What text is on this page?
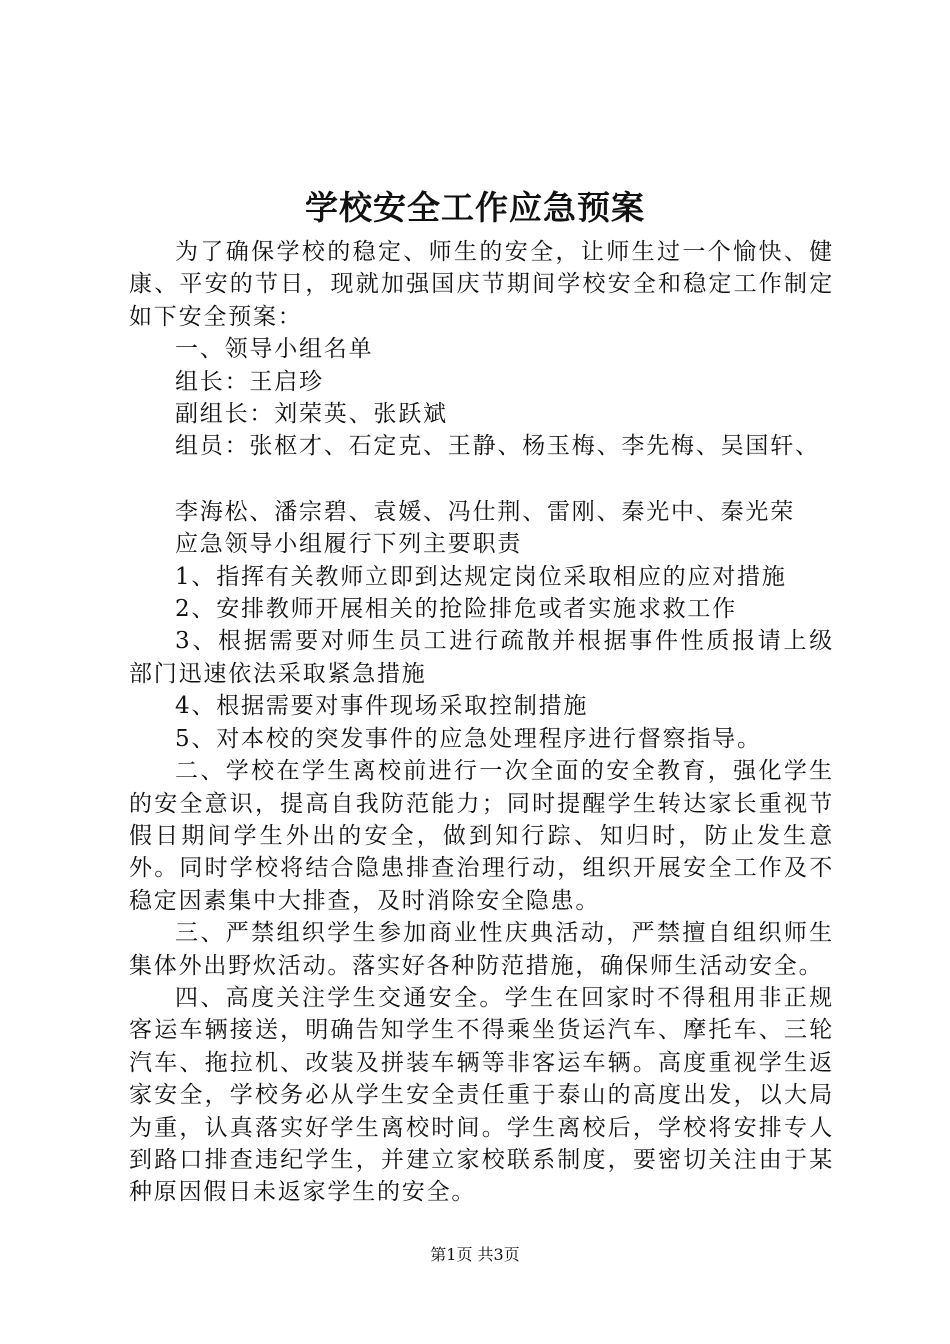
学校安全工作应急预案

为了确保学校的稳定、师生的安全，让师生过一个愉快、健康、平安的节日，现就加强国庆节期间学校安全和稳定工作制定如下安全预案：

一、领导小组名单

组长：王启珍

副组长：刘荣英、张跃斌

组员：张枢才、石定克、王静、杨玉梅、李先梅、吴国轩、

李海松、潘宗碧、袁媛、冯仕荆、雷刚、秦光中、秦光荣

应急领导小组履行下列主要职责

1、指挥有关教师立即到达规定岗位采取相应的应对措施

2、安排教师开展相关的抢险排危或者实施求救工作

3、根据需要对师生员工进行疏散并根据事件性质报请上级部门迅速依法采取紧急措施

4、根据需要对事件现场采取控制措施

5、对本校的突发事件的应急处理程序进行督察指导。

二、学校在学生离校前进行一次全面的安全教育，强化学生的安全意识，提高自我防范能力；同时提醒学生转达家长重视节假日期间学生外出的安全，做到知行踪、知归时，防止发生意外。同时学校将结合隐患排查治理行动，组织开展安全工作及不稳定因素集中大排查，及时消除安全隐患。

三、严禁组织学生参加商业性庆典活动，严禁擅自组织师生集体外出野炊活动。落实好各种防范措施，确保师生活动安全。

四、高度关注学生交通安全。学生在回家时不得租用非正规客运车辆接送，明确告知学生不得乘坐货运汽车、摩托车、三轮汽车、拖拉机、改装及拼装车辆等非客运车辆。高度重视学生返家安全，学校务必从学生安全责任重于泰山的高度出发，以大局为重，认真落实好学生离校时间。学生离校后，学校将安排专人到路口排查违纪学生，并建立家校联系制度，要密切关注由于某种原因假日未返家学生的安全。

第1页 共3页
